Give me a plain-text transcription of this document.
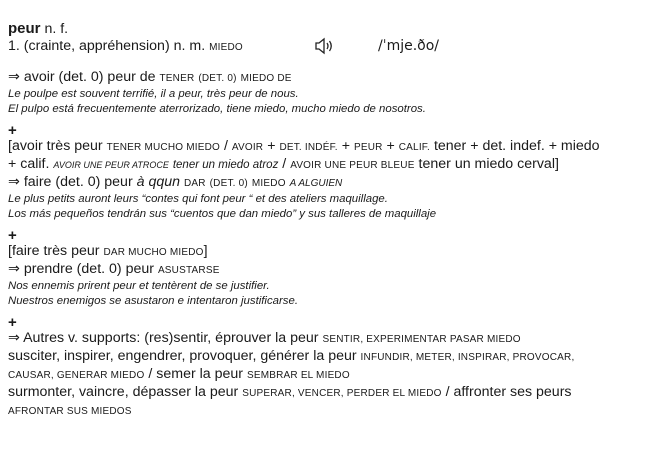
peur n. f.
1. (crainte, appréhension) n. m. MIEDO	/ˈmje.ðo/
⇒ avoir (det. 0) peur de TENER (DET. 0) MIEDO DE
Le poulpe est souvent terrifié, il a peur, très peur de nous.
El pulpo está frecuentemente aterrorizado, tiene miedo, mucho miedo de nosotros.
+
[avoir très peur TENER MUCHO MIEDO / AVOIR + DET. INDÉF. + PEUR + CALIF. tener + det. indef. + miedo
+ calif. AVOIR UNE PEUR ATROCE tener un miedo atroz / AVOIR UNE PEUR BLEUE tener un miedo cerval]
⇒ faire (det. 0) peur à qqun DAR (DET. 0) MIEDO A ALGUIEN
Le plus petits auront leurs “contes qui font peur “ et des ateliers maquillage.
Los más pequeños tendrán sus “cuentos que dan miedo” y sus talleres de maquillaje
+
[faire très peur DAR MUCHO MIEDO]
⇒ prendre (det. 0) peur ASUSTARSE
Nos ennemis prirent peur et tentèrent de se justifier.
Nuestros enemigos se asustaron e intentaron justificarse.
+
⇒ Autres v. supports: (res)sentir, éprouver la peur SENTIR, EXPERIMENTAR PASAR MIEDO
susciter, inspirer, engendrer, provoquer, générer la peur INFUNDIR, METER, INSPIRAR, PROVOCAR,
CAUSAR, GENERAR MIEDO / semer la peur SEMBRAR EL MIEDO
surmonter, vaincre, dépasser la peur SUPERAR, VENCER, PERDER EL MIEDO / affronter ses peurs
AFRONTAR SUS MIEDOS
